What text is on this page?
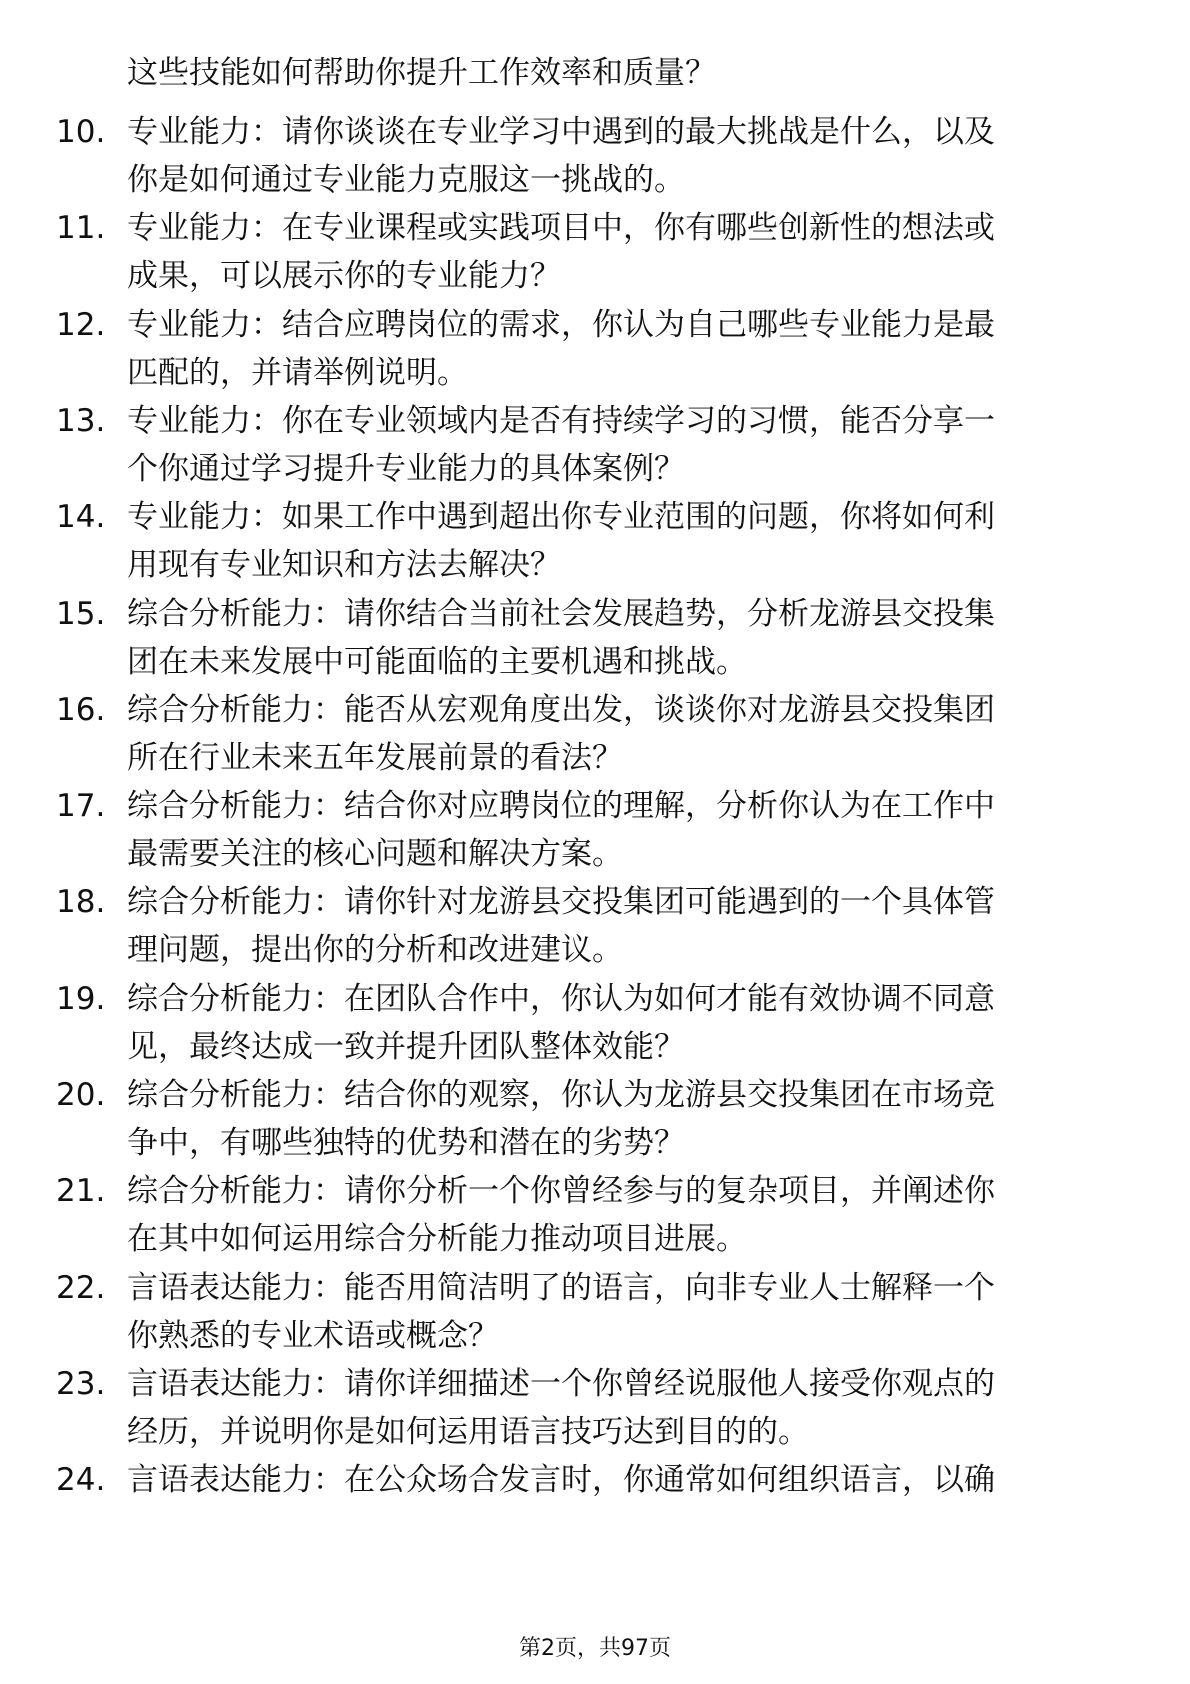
这些技能如何帮助你提升工作效率和质量？
10. 专业能力：请你谈谈在专业学习中遇到的最大挑战是什么，以及
你是如何通过专业能力克服这一挑战的。
11. 专业能力：在专业课程或实践项目中，你有哪些创新性的想法或
成果，可以展示你的专业能力？
12. 专业能力：结合应聘岗位的需求，你认为自己哪些专业能力是最
匹配的，并请举例说明。
13. 专业能力：你在专业领域内是否有持续学习的习惯，能否分享一
个你通过学习提升专业能力的具体案例？
14. 专业能力：如果工作中遇到超出你专业范围的问题，你将如何利
用现有专业知识和方法去解决？
15. 综合分析能力：请你结合当前社会发展趋势，分析龙游县交投集
团在未来发展中可能面临的主要机遇和挑战。
16. 综合分析能力：能否从宏观角度出发，谈谈你对龙游县交投集团
所在行业未来五年发展前景的看法？
17. 综合分析能力：结合你对应聘岗位的理解，分析你认为在工作中
最需要关注的核心问题和解决方案。
18. 综合分析能力：请你针对龙游县交投集团可能遇到的一个具体管
理问题，提出你的分析和改进建议。
19. 综合分析能力：在团队合作中，你认为如何才能有效协调不同意
见，最终达成一致并提升团队整体效能？
20. 综合分析能力：结合你的观察，你认为龙游县交投集团在市场竞
争中，有哪些独特的优势和潜在的劣势？
21. 综合分析能力：请你分析一个你曾经参与的复杂项目，并阐述你
在其中如何运用综合分析能力推动项目进展。
22. 言语表达能力：能否用简洁明了的语言，向非专业人士解释一个
你熟悉的专业术语或概念？
23. 言语表达能力：请你详细描述一个你曾经说服他人接受你观点的
经历，并说明你是如何运用语言技巧达到目的的。
24. 言语表达能力：在公众场合发言时，你通常如何组织语言，以确
第2页，共97页
